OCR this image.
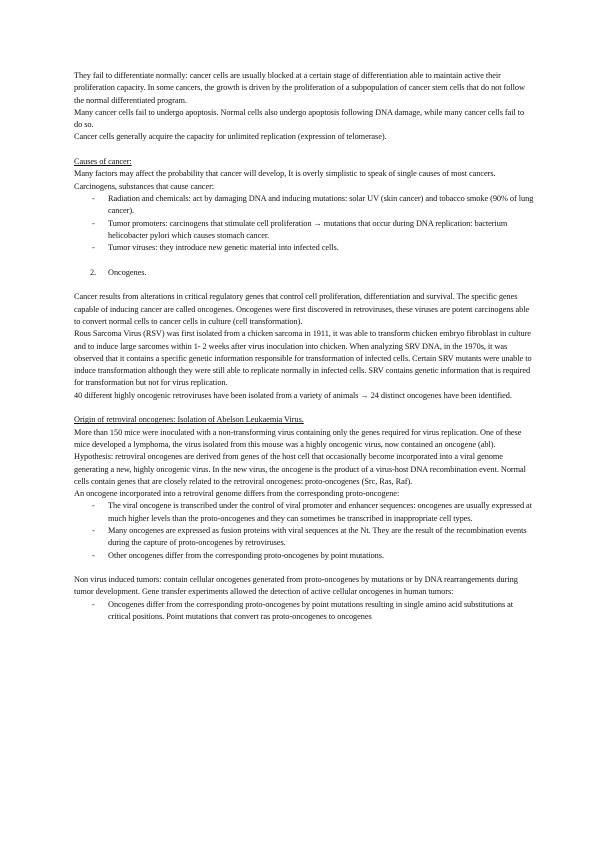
They fail to differentiate normally: cancer cells are usually blocked at a certain stage of differentiation able to maintain active their proliferation capacity. In some cancers, the growth is driven by the proliferation of a subpopulation of cancer stem cells that do not follow the normal differentiated program.

Many cancer cells fail to undergo apoptosis. Normal cells also undergo apoptosis following DNA damage, while many cancer cells fail to do so.

Cancer cells generally acquire the capacity for unlimited replication (expression of telomerase).

Causes of cancer:

Many factors may affect the probability that cancer will develop, It is overly simplistic to speak of single causes of most cancers. Carcinogens, substances that cause cancer:

- Radiation and chemicals: act by damaging DNA and inducing mutations: solar UV (skin cancer) and tobacco smoke (90% of lung cancer).
- Tumor promoters: carcinogens that stimulate cell proliferation → mutations that occur during DNA replication: bacterium helicobacter pylori which causes stomach cancer.
- Tumor viruses: they introduce new genetic material into infected cells.

2. Oncogenes.

Cancer results from alterations in critical regulatory genes that control cell proliferation, differentiation and survival. The specific genes capable of inducing cancer are called oncogenes. Oncogenes were first discovered in retroviruses, these viruses are potent carcinogens able to convert normal cells to cancer cells in culture (cell transformation).

Rous Sarcoma Virus (RSV) was first isolated from a chicken sarcoma in 1911, it was able to transform chicken embryo fibroblast in culture and to induce large sarcomes within 1- 2 weeks after virus inoculation into chicken. When analyzing SRV DNA, in the 1970s, it was observed that it contains a specific genetic information responsible for transformation of infected cells. Certain SRV mutants were unable to induce transformation although they were still able to replicate normally in infected cells. SRV contains genetic information that is required for transformation but not for virus replication.

40 different highly oncogenic retroviruses have been isolated from a variety of animals → 24 distinct oncogenes have been identified.

Origin of retroviral oncogenes: Isolation of Abelson Leukaemia Virus.

More than 150 mice were inoculated with a non-transforming virus containing only the genes required for virus replication. One of these mice developed a lymphoma, the virus isolated from this mouse was a highly oncogenic virus, now contained an oncogene (abl).

Hypothesis: retroviral oncogenes are derived from genes of the host cell that occasionally become incorporated into a viral genome generating a new, highly oncogenic virus. In the new virus, the oncogene is the product of a virus-host DNA recombination event. Normal cells contain genes that are closely related to the retroviral oncogenes: proto-oncogenes (Src, Ras, Raf).

An oncogene incorporated into a retroviral genome differs from the corresponding proto-oncogene:

- The viral oncogene is transcribed under the control of viral promoter and enhancer sequences: oncogenes are usually expressed at much higher levels than the proto-oncogenes and they can sometimes be transcribed in inappropriate cell types.
- Many oncogenes are expressed as fusion proteins with viral sequences at the Nt. They are the result of the recombination events during the capture of proto-oncogenes by retroviruses.
- Other oncogenes differ from the corresponding proto-oncogenes by point mutations.

Non virus induced tumors: contain cellular oncogenes generated from proto-oncogenes by mutations or by DNA rearrangements during tumor development. Gene transfer experiments allowed the detection of active cellular oncogenes in human tumors:

- Oncogenes differ from the corresponding proto-oncogenes by point mutations resulting in single amino acid substitutions at critical positions. Point mutations that convert ras proto-oncogenes to oncogenes
